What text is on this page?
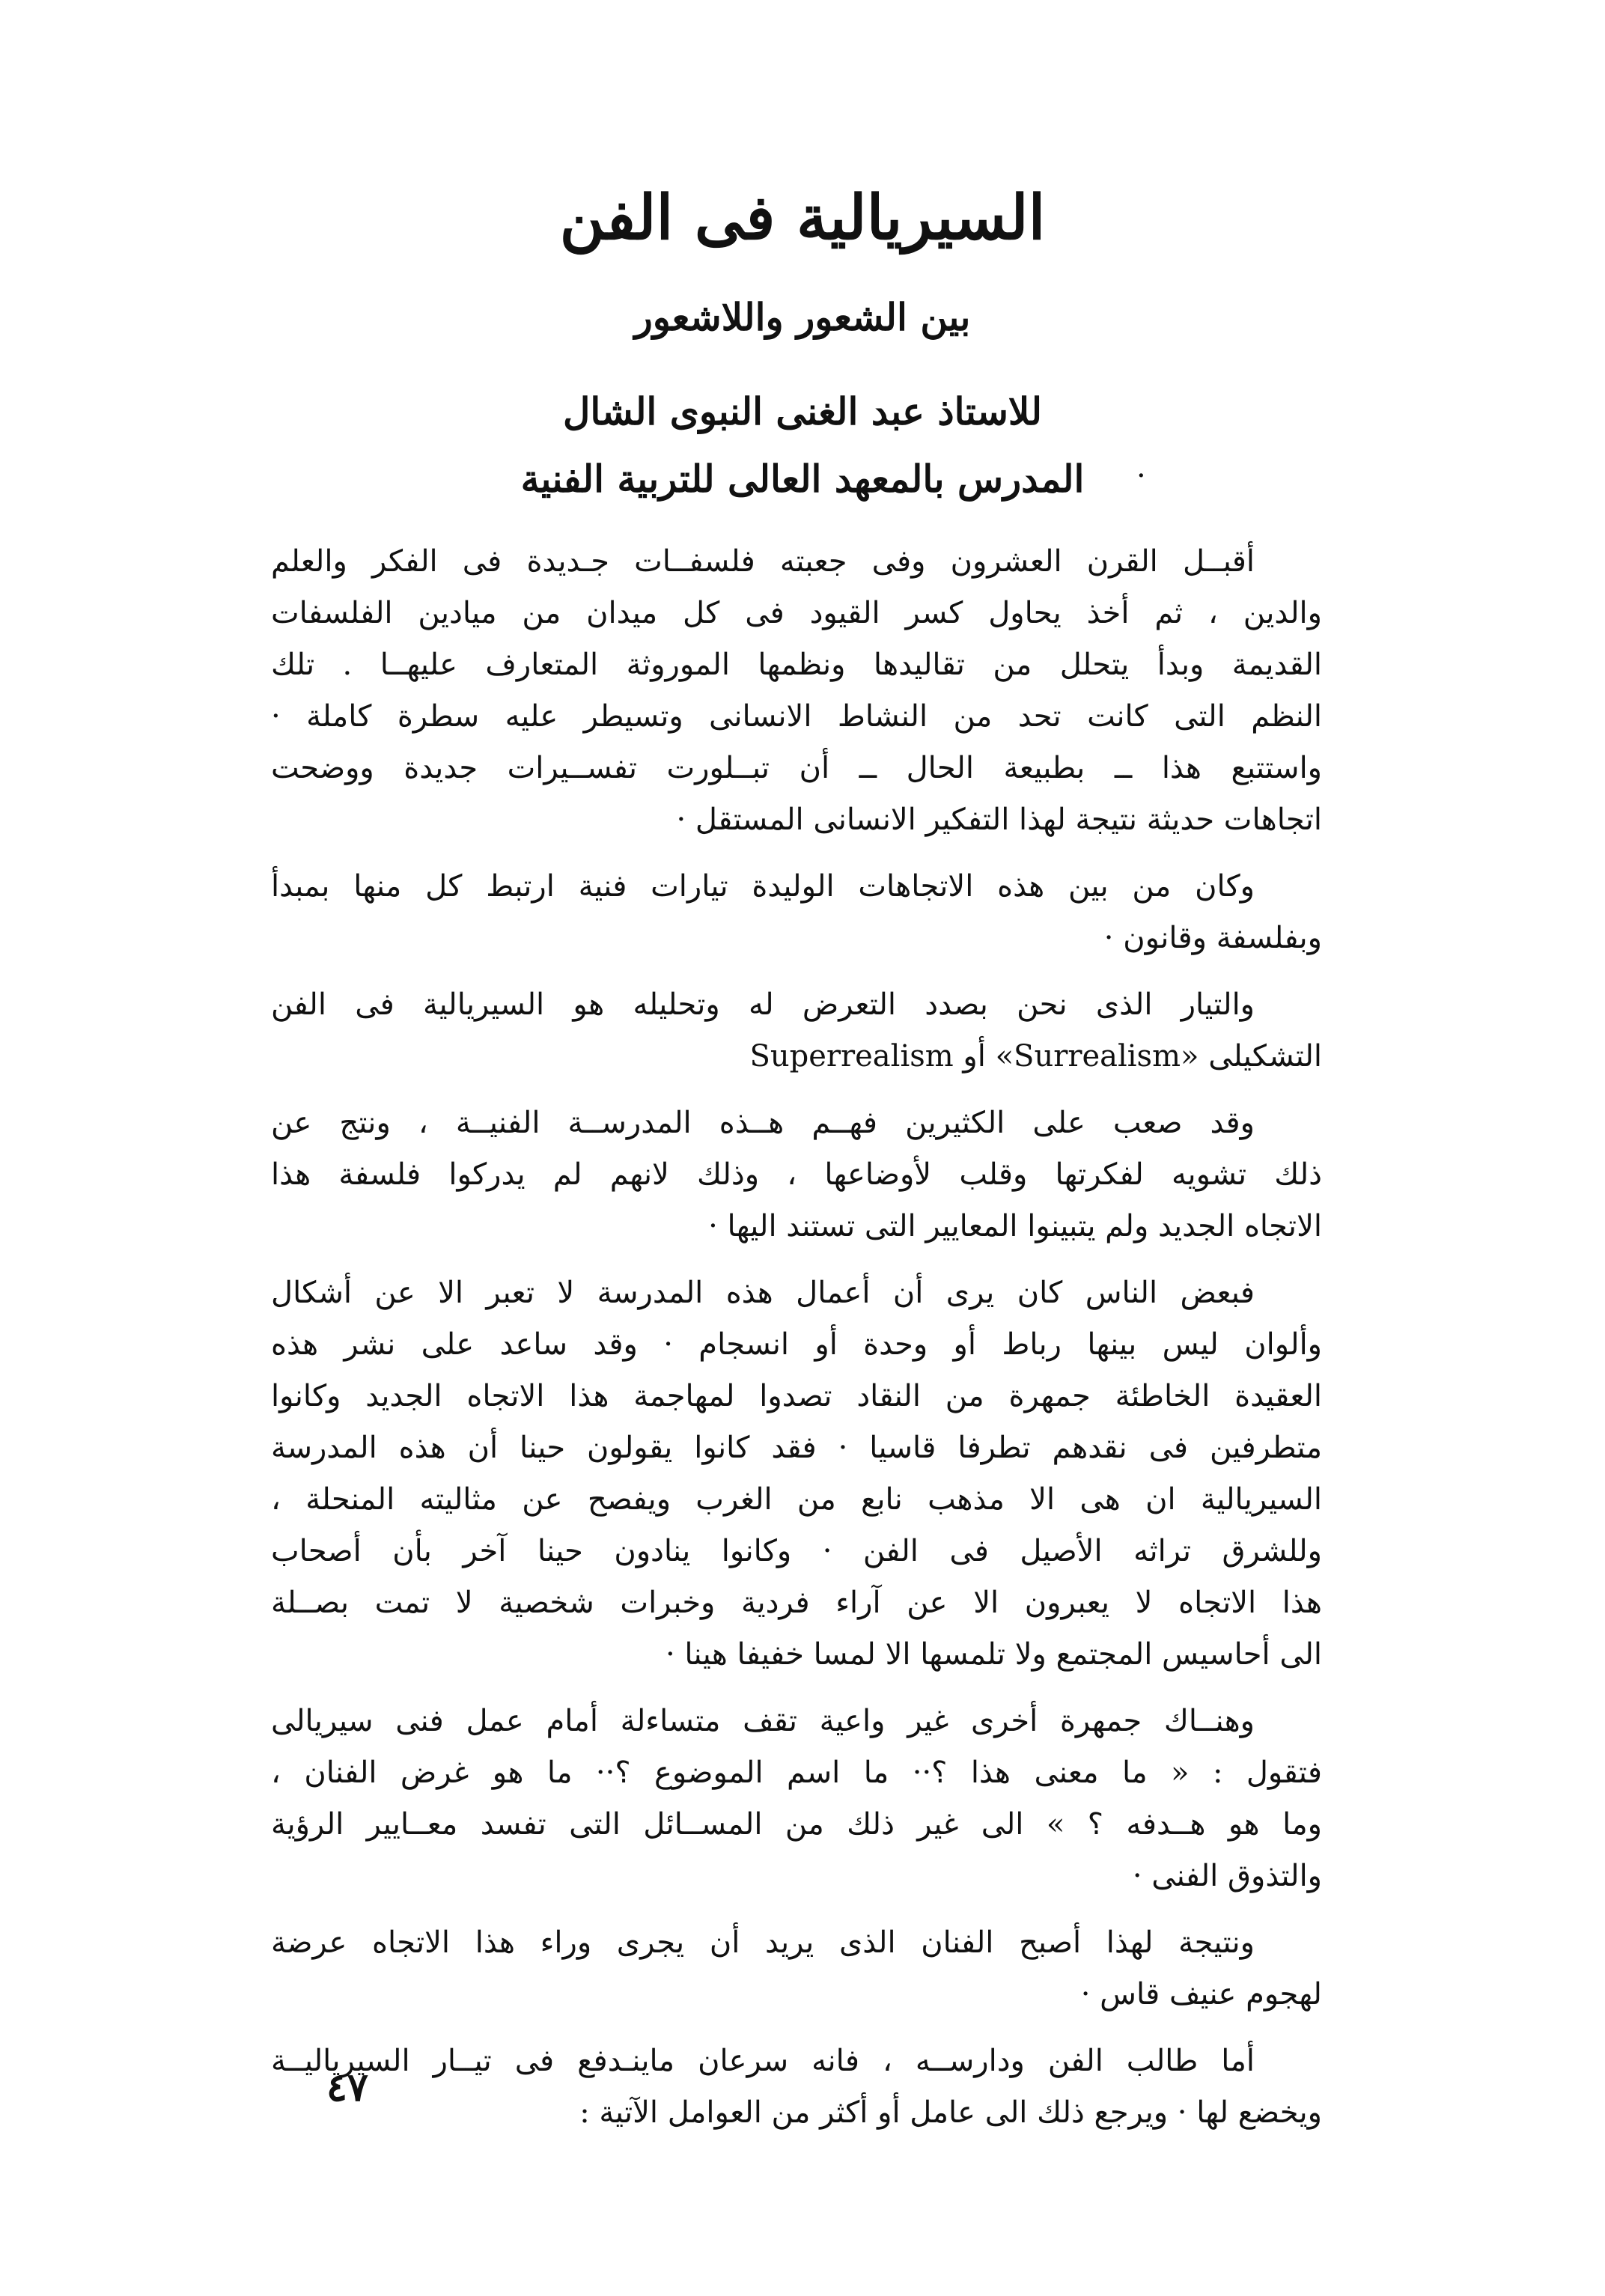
السيريالية فى الفن
بين الشعور واللاشعور
للاستاذ عبد الغنى النبوى الشال
المدرس بالمعهد العالى للتربية الفنية	·
أقبــل القرن العشرون وفى جعبته فلسفــات جـديدة فى الفكر والعلم
والدين ، ثم أخذ يحاول كسر القيود فى كل ميدان من ميادين الفلسفات
القديمة وبدأ يتحلل من تقاليدها ونظمها الموروثة المتعارف عليهــا . تلك
النظم التى كانت تحد من النشاط الانسانى وتسيطر عليه سطرة كاملة ·
واستتبع هذا ــ بطبيعة الحال ــ أن تبــلورت تفســيرات جديدة ووضحت
اتجاهات حديثة نتيجة لهذا التفكير الانسانى المستقل ·
وكان من بين هذه الاتجاهات الوليدة تيارات فنية ارتبط كل منها بمبدأ
وبفلسفة وقانون ·
والتيار الذى نحن بصدد التعرض له وتحليله هو السيريالية فى الفن
التشكيلى «Surrealism» أو Superrealism
وقد صعب على الكثيرين فهــم هــذه المدرســة الفنيــة ، ونتج عن
ذلك تشويه لفكرتها وقلب لأوضاعها ، وذلك لانهم لم يدركوا فلسفة هذا
الاتجاه الجديد ولم يتبينوا المعايير التى تستند اليها ·
فبعض الناس كان يرى أن أعمال هذه المدرسة لا تعبر الا عن أشكال
وألوان ليس بينها رباط أو وحدة أو انسجام · وقد ساعد على نشر هذه
العقيدة الخاطئة جمهرة من النقاد تصدوا لمهاجمة هذا الاتجاه الجديد وكانوا
متطرفين فى نقدهم تطرفا قاسيا · فقد كانوا يقولون حينا أن هذه المدرسة
السيريالية ان هى الا مذهب نابع من الغرب ويفصح عن مثاليته المنحلة ،
وللشرق تراثه الأصيل فى الفن · وكانوا ينادون حينا آخر بأن أصحاب
هذا الاتجاه لا يعبرون الا عن آراء فردية وخبرات شخصية لا تمت بصــلة
الى أحاسيس المجتمع ولا تلمسها الا لمسا خفيفا هينا ·
وهنــاك جمهرة أخرى غير واعية تقف متساءلة أمام عمل فنى سيريالى
فتقول : « ما معنى هذا ؟·· ما اسم الموضوع ؟·· ما هو غرض الفنان ،
وما هو هــدفه ؟ » الى غير ذلك من المســائل التى تفسد معــايير الرؤية
والتذوق الفنى ·
ونتيجة لهذا أصبح الفنان الذى يريد أن يجرى وراء هذا الاتجاه عرضة
لهجوم عنيف قاس ·
أما طالب الفن ودارســه ، فانه سرعان ماينـدفع فى تيــار السيرياليــة
ويخضع لها · ويرجع ذلك الى عامل أو أكثر من العوامل الآتية :
٤٧
